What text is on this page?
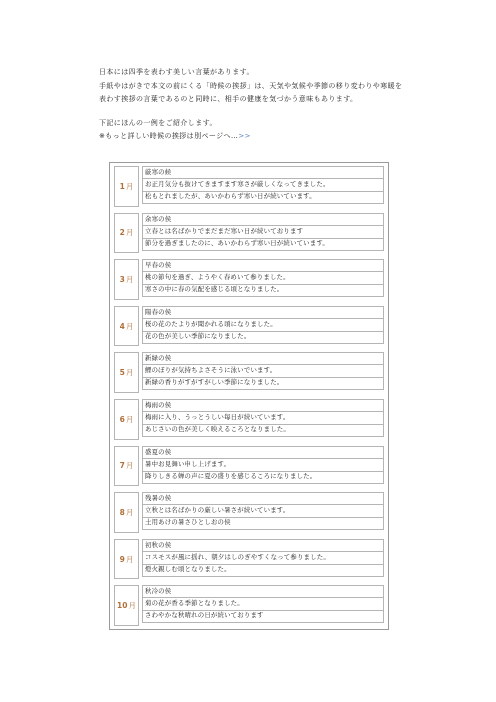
日本には四季を表わす美しい言葉があります。

手紙やはがきで本文の前にくる「時候の挨拶」は、天気や気候や季節の移り変わりや寒暖を表わす挨拶の言葉であるのと同時に、相手の健康を気づかう意味もあります。

下記にほんの一例をご紹介します。

※もっと詳しい時候の挨拶は別ページへ…>>

1 月
厳寒の候
お正月気分も抜けてきますます寒さが厳しくなってきました。
松もとれましたが、あいかわらず寒い日が続いています。
2 月
余寒の侯
立春とは名ばかりでまだまだ寒い日が続いております
節分を過ぎましたのに、あいかわらず寒い日が続いています。
3 月
早春の侯
桃の節句を過ぎ、ようやく春めいて参りました。
寒さの中に春の気配を感じる頃となりました。
4 月
陽春の侯
桜の花のたよりが聞かれる頃になりました。
花の色が美しい季節になりました。
5 月
新緑の侯
鯉のぼりが気持ちよさそうに泳いでいます。
新緑の香りがすがすがしい季節になりました。
6 月
梅雨の侯
梅雨に入り、うっとうしい毎日が続いています。
あじさいの色が美しく映えるころとなりました。
7 月
盛夏の侯
暑中お見舞い申し上げます。
降りしきる蝉の声に夏の盛りを感じるころになりました。
8 月
残暑の侯
立秋とは名ばかりの厳しい暑さが続いています。
土用あけの暑さひとしおの侯
9 月
初秋の侯
コスモスが風に揺れ、朝夕はしのぎやすくなって参りました。
燈火親しむ頃となりました。
10 月
秋冷の侯
菊の花が香る季節となりました。
さわやかな秋晴れの日が続いております
